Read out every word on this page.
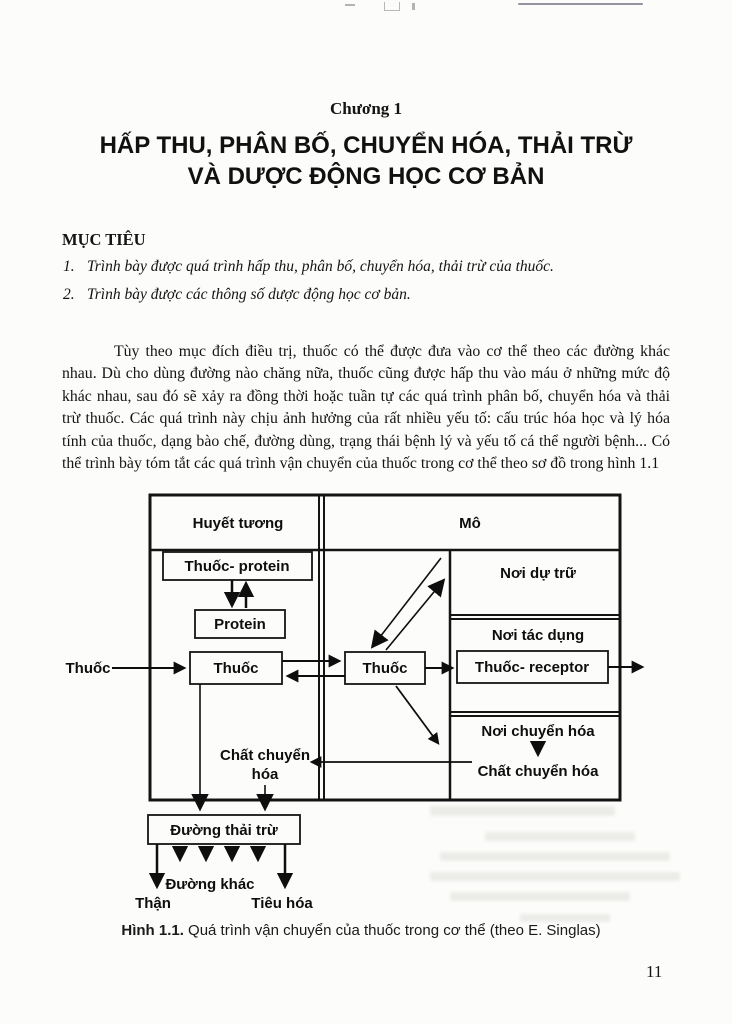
Chương 1
HẤP THU, PHÂN BỐ, CHUYỂN HÓA, THẢI TRỪ
VÀ DƯỢC ĐỘNG HỌC CƠ BẢN
MỤC TIÊU
1. Trình bày được quá trình hấp thu, phân bố, chuyển hóa, thải trừ của thuốc.
2. Trình bày được các thông số dược động học cơ bản.
Tùy theo mục đích điều trị, thuốc có thể được đưa vào cơ thể theo các đường khác nhau. Dù cho dùng đường nào chăng nữa, thuốc cũng được hấp thu vào máu ở những mức độ khác nhau, sau đó sẽ xảy ra đồng thời hoặc tuần tự các quá trình phân bố, chuyển hóa và thải trừ thuốc. Các quá trình này chịu ảnh hưởng của rất nhiều yếu tố: cấu trúc hóa học và lý hóa tính của thuốc, dạng bào chế, đường dùng, trạng thái bệnh lý và yếu tố cá thể người bệnh... Có thể trình bày tóm tắt các quá trình vận chuyển của thuốc trong cơ thể theo sơ đồ trong hình 1.1
Huyết tương	Mô
Nơi dự trữ
Nơi tác dụng
Nơi chuyển hóa
Chất chuyển hóa
Thuốc- protein
Protein
Thuốc	Thuốc	Thuốc- receptor
Chất chuyển
hóa
Thuốc
Đường thải trừ
Đường khác
Thận	Tiêu hóa
Hình 1.1. Quá trình vận chuyển của thuốc trong cơ thể (theo E. Singlas)
11
